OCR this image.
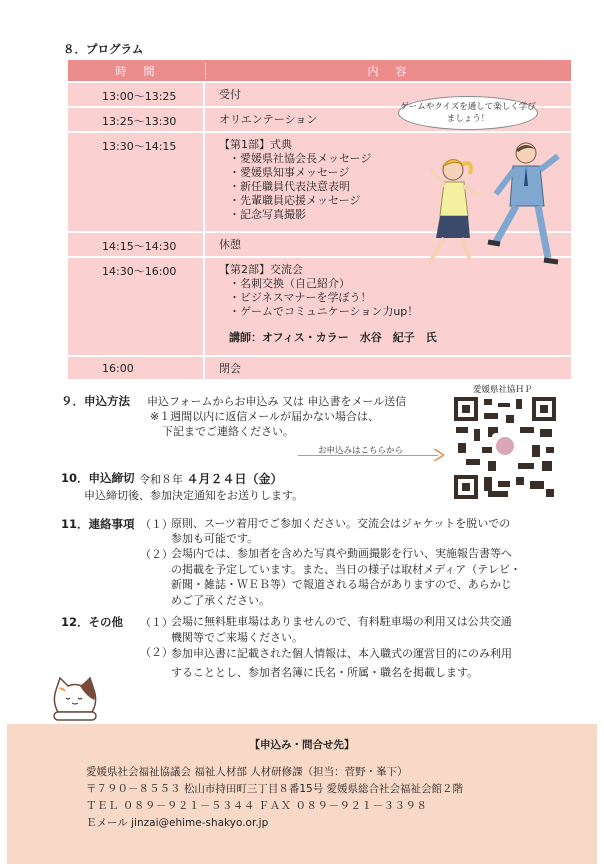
８．プログラム
時　間	内　容
13:00〜13:25	受付
13:25〜13:30	オリエンテーション
13:30〜14:15	【第1部】式典
・愛媛県社協会長メッセージ
・愛媛県知事メッセージ
・新任職員代表決意表明
・先輩職員応援メッセージ
・記念写真撮影
14:15〜14:30	休憩
14:30〜16:00	【第2部】交流会
・名刺交換（自己紹介）
・ビジネスマナーを学ぼう！
・ゲームでコミュニケーション力up！
講師：オフィス・カラー　水谷　紀子　氏
16:00	閉会
ゲームやクイズを通して楽しく学びましょう！
９．申込方法 申込フォームからお申込み 又は 申込書をメール送信
※１週間以内に返信メールが届かない場合は、
下記までご連絡ください。
愛媛県社協ＨＰ
お申込みはこちらから
10．申込締切 令和８年 ４月２４日（金）
申込締切後、参加決定通知をお送りします。
11．連絡事項 （１）
原則、スーツ着用でご参加ください。交流会はジャケットを脱いでの
参加も可能です。
（２）
会場内では、参加者を含めた写真や動画撮影を行い、実施報告書等へ
の掲載を予定しています。また、当日の様子は取材メディア（テレビ・
新聞・雑誌・ＷＥＢ等）で報道される場合がありますので、あらかじ
めご了承ください。
12．その他 （１）
会場に無料駐車場はありませんので、有料駐車場の利用又は公共交通
機関等でご来場ください。
（２）
参加申込書に記載された個人情報は、本入職式の運営目的にのみ利用
することとし、参加者名簿に氏名・所属・職名を掲載します。
【申込み・問合せ先】
愛媛県社会福祉協議会 福祉人材部 人材研修課（担当：菅野・峯下）
〒７９０－８５５３ 松山市持田町三丁目８番15号 愛媛県総合社会福祉会館２階
ＴＥＬ ０８９－９２１－５３４４ ＦＡＸ ０８９－９２１－３３９８
Ｅメール jinzai@ehime-shakyo.or.jp
